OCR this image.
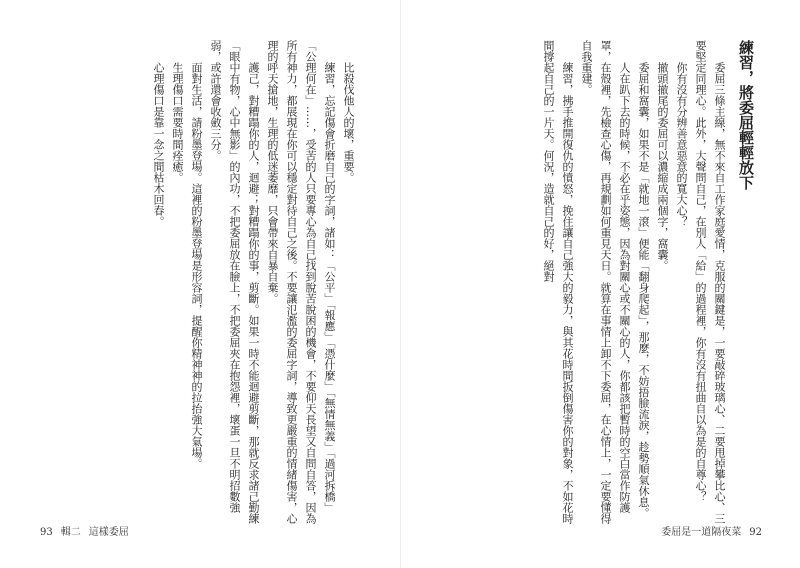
練習，將委屈輕輕放下

委屈三條主線，無不來自工作家庭愛情，克服的關鍵是，一要敲碎玻璃心、二要甩掉攀比心、三要堅定同理心。此外，大聲問自己，在別人「給」的過程裡，你有沒有扭曲自以為是的自尊心？

你有沒有分辨善意惡意的寬大心？

撤頭撤尾的委屈可以濃縮成兩個字，窩囊。

委屈和窩囊，如果不是「就地一滾」便能「翻身爬起」，那麼，不妨捂臉流淚，趁勢順氣休息。

人在趴下去的時候，不必在乎姿態，因為對關心或不關心的人，你都該把暫時的空白當作防護罩，在殼裡，先檢查心傷，再規劃如何重見天日。就算在事情上卸不下委屈，在心情上，一定要懂得自我重建。

練習，拂手推開復仇的憤怒，挽住讓自己強大的毅力，與其花時間扳倒傷害你的對象，不如花時間撐起自己的一片天。何況，造就自己的好，絕對

委屈是一道隔夜菜 92

比殺伐他人的壞，重要。

練習，忘記傷會折磨自己的字詞，諸如：「公平」「報應」「憑什麼」「無情無義」「過河拆橋」「公理何在」……，受苦的人只要專心為自己找到脫苦脫困的機會，不要仰天長望又自問自答，因為所有神力，都展現在你可以穩定對待自己之後。不要讓氾濫的委屈字詞，導致更嚴重的情緒傷害，心理的呼天搶地，生理的低迷萎靡，只會帶來自暴自棄。

護己，對糟蹋你的人，迴避；對糟蹋你的事，剪斷。如果一時不能迴避剪斷，那就反求諸己勤練「眼中有物，心中無影」的內功，不把委屈放在臉上，不把委屈夾在抱怨裡，壞蛋一旦不明招數強弱，或許還會收斂三分。

面對生活，請粉墨登場。這裡的粉墨登場是形容詞，提醒你精神神的拉抬強大氣場。

生理傷口需要時間痊癒。

心理傷口是靠一念之間枯木回春。

93 輯二 這樣委屈
